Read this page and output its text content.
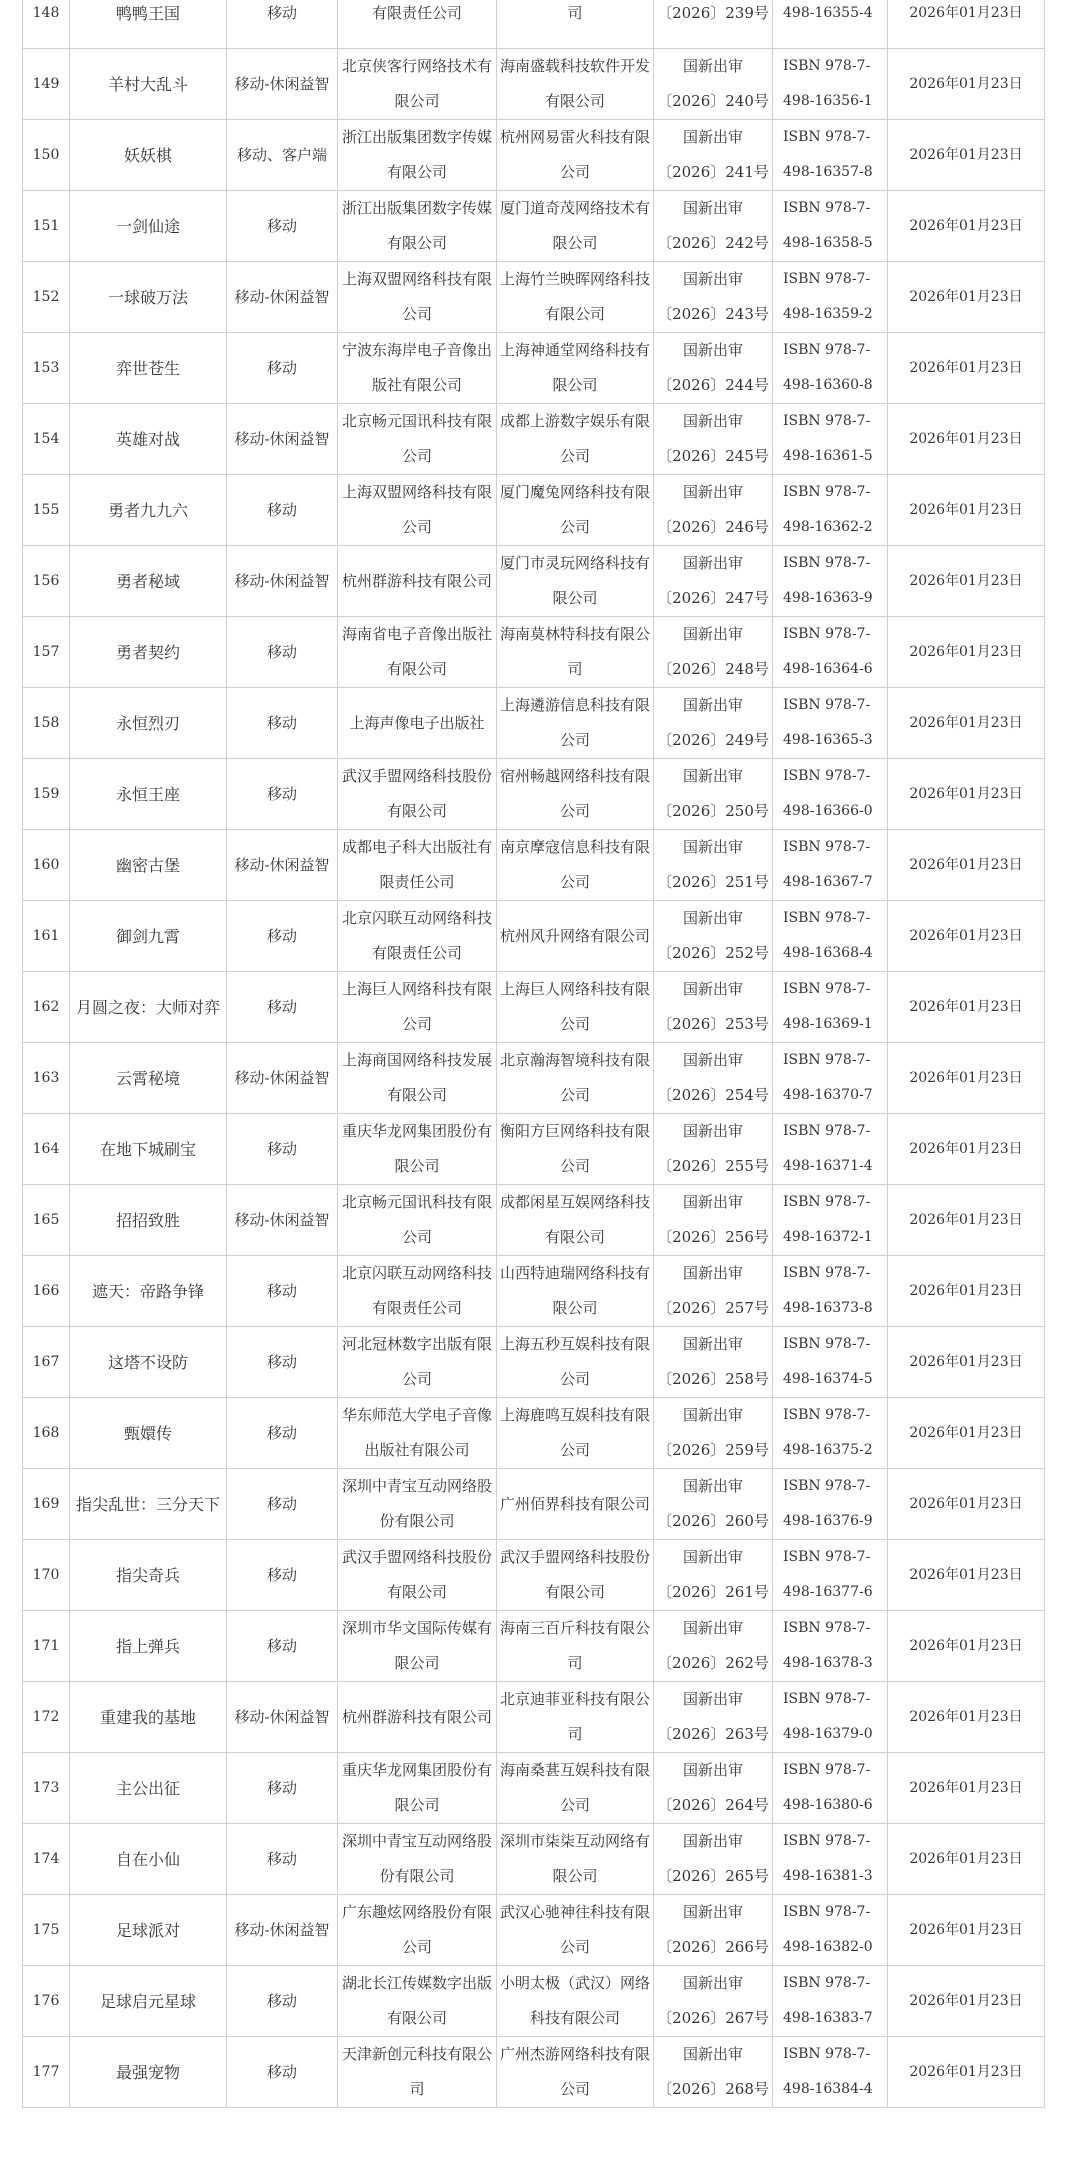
148	鸭鸭王国	移动	有限责任公司	司	〔2026〕239号	498-16355-4	2026年01月23日
149	羊村大乱斗	移动-休闲益智	北京侠客行网络技术有限公司	海南盛载科技软件开发有限公司	国新出审〔2026〕240号	ISBN 978-7-498-16356-1	2026年01月23日
150	妖妖棋	移动、客户端	浙江出版集团数字传媒有限公司	杭州网易雷火科技有限公司	国新出审〔2026〕241号	ISBN 978-7-498-16357-8	2026年01月23日
151	一剑仙途	移动	浙江出版集团数字传媒有限公司	厦门道奇茂网络技术有限公司	国新出审〔2026〕242号	ISBN 978-7-498-16358-5	2026年01月23日
152	一球破万法	移动-休闲益智	上海双盟网络科技有限公司	上海竹兰映晖网络科技有限公司	国新出审〔2026〕243号	ISBN 978-7-498-16359-2	2026年01月23日
153	弈世苍生	移动	宁波东海岸电子音像出版社有限公司	上海神通堂网络科技有限公司	国新出审〔2026〕244号	ISBN 978-7-498-16360-8	2026年01月23日
154	英雄对战	移动-休闲益智	北京畅元国讯科技有限公司	成都上游数字娱乐有限公司	国新出审〔2026〕245号	ISBN 978-7-498-16361-5	2026年01月23日
155	勇者九九六	移动	上海双盟网络科技有限公司	厦门魔兔网络科技有限公司	国新出审〔2026〕246号	ISBN 978-7-498-16362-2	2026年01月23日
156	勇者秘域	移动-休闲益智	杭州群游科技有限公司	厦门市灵玩网络科技有限公司	国新出审〔2026〕247号	ISBN 978-7-498-16363-9	2026年01月23日
157	勇者契约	移动	海南省电子音像出版社有限公司	海南莫林特科技有限公司	国新出审〔2026〕248号	ISBN 978-7-498-16364-6	2026年01月23日
158	永恒烈刃	移动	上海声像电子出版社	上海遴游信息科技有限公司	国新出审〔2026〕249号	ISBN 978-7-498-16365-3	2026年01月23日
159	永恒王座	移动	武汉手盟网络科技股份有限公司	宿州畅越网络科技有限公司	国新出审〔2026〕250号	ISBN 978-7-498-16366-0	2026年01月23日
160	幽密古堡	移动-休闲益智	成都电子科大出版社有限责任公司	南京摩寇信息科技有限公司	国新出审〔2026〕251号	ISBN 978-7-498-16367-7	2026年01月23日
161	御剑九霄	移动	北京闪联互动网络科技有限责任公司	杭州风升网络有限公司	国新出审〔2026〕252号	ISBN 978-7-498-16368-4	2026年01月23日
162	月圆之夜：大师对弈	移动	上海巨人网络科技有限公司	上海巨人网络科技有限公司	国新出审〔2026〕253号	ISBN 978-7-498-16369-1	2026年01月23日
163	云霄秘境	移动-休闲益智	上海商国网络科技发展有限公司	北京瀚海智境科技有限公司	国新出审〔2026〕254号	ISBN 978-7-498-16370-7	2026年01月23日
164	在地下城刷宝	移动	重庆华龙网集团股份有限公司	衡阳方巨网络科技有限公司	国新出审〔2026〕255号	ISBN 978-7-498-16371-4	2026年01月23日
165	招招致胜	移动-休闲益智	北京畅元国讯科技有限公司	成都闲星互娱网络科技有限公司	国新出审〔2026〕256号	ISBN 978-7-498-16372-1	2026年01月23日
166	遮天：帝路争锋	移动	北京闪联互动网络科技有限责任公司	山西特迪瑞网络科技有限公司	国新出审〔2026〕257号	ISBN 978-7-498-16373-8	2026年01月23日
167	这塔不设防	移动	河北冠林数字出版有限公司	上海五秒互娱科技有限公司	国新出审〔2026〕258号	ISBN 978-7-498-16374-5	2026年01月23日
168	甄嬛传	移动	华东师范大学电子音像出版社有限公司	上海鹿鸣互娱科技有限公司	国新出审〔2026〕259号	ISBN 978-7-498-16375-2	2026年01月23日
169	指尖乱世：三分天下	移动	深圳中青宝互动网络股份有限公司	广州佰界科技有限公司	国新出审〔2026〕260号	ISBN 978-7-498-16376-9	2026年01月23日
170	指尖奇兵	移动	武汉手盟网络科技股份有限公司	武汉手盟网络科技股份有限公司	国新出审〔2026〕261号	ISBN 978-7-498-16377-6	2026年01月23日
171	指上弹兵	移动	深圳市华文国际传媒有限公司	海南三百斤科技有限公司	国新出审〔2026〕262号	ISBN 978-7-498-16378-3	2026年01月23日
172	重建我的基地	移动-休闲益智	杭州群游科技有限公司	北京迪菲亚科技有限公司	国新出审〔2026〕263号	ISBN 978-7-498-16379-0	2026年01月23日
173	主公出征	移动	重庆华龙网集团股份有限公司	海南桑葚互娱科技有限公司	国新出审〔2026〕264号	ISBN 978-7-498-16380-6	2026年01月23日
174	自在小仙	移动	深圳中青宝互动网络股份有限公司	深圳市柒柒互动网络有限公司	国新出审〔2026〕265号	ISBN 978-7-498-16381-3	2026年01月23日
175	足球派对	移动-休闲益智	广东趣炫网络股份有限公司	武汉心驰神往科技有限公司	国新出审〔2026〕266号	ISBN 978-7-498-16382-0	2026年01月23日
176	足球启元星球	移动	湖北长江传媒数字出版有限公司	小明太极（武汉）网络科技有限公司	国新出审〔2026〕267号	ISBN 978-7-498-16383-7	2026年01月23日
177	最强宠物	移动	天津新创元科技有限公司	广州杰游网络科技有限公司	国新出审〔2026〕268号	ISBN 978-7-498-16384-4	2026年01月23日
